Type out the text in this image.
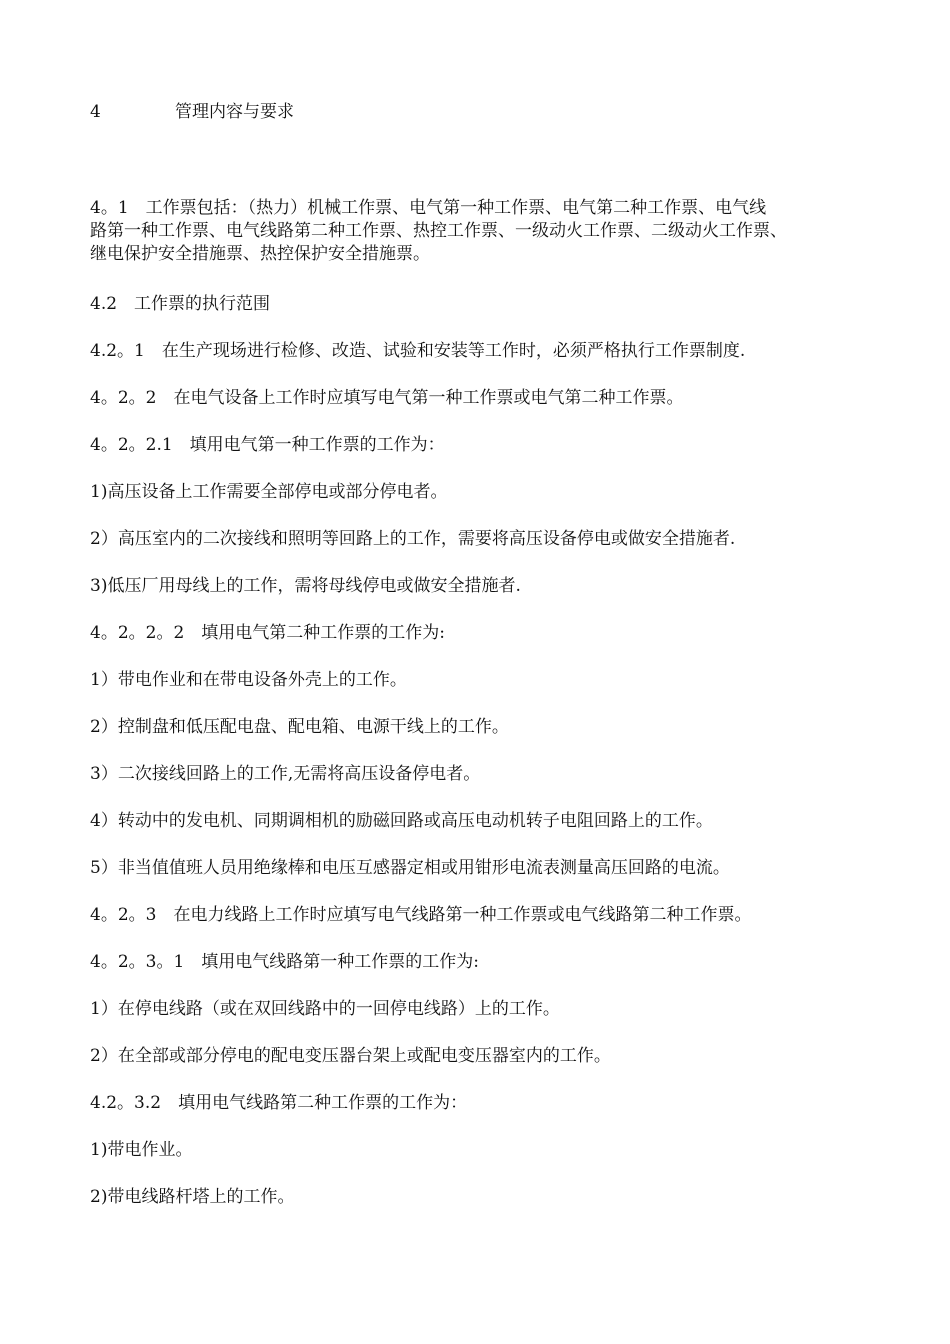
4	管理内容与要求
4。1　工作票包括：（热力）机械工作票、电气第一种工作票、电气第二种工作票、电气线
路第一种工作票、电气线路第二种工作票、热控工作票、一级动火工作票、二级动火工作票、
继电保护安全措施票、热控保护安全措施票。
4.2　工作票的执行范围
4.2。1　在生产现场进行检修、改造、试验和安装等工作时，必须严格执行工作票制度.
4。2。2　在电气设备上工作时应填写电气第一种工作票或电气第二种工作票。
4。2。2.1　填用电气第一种工作票的工作为：
1)高压设备上工作需要全部停电或部分停电者。
2）高压室内的二次接线和照明等回路上的工作，需要将高压设备停电或做安全措施者.
3)低压厂用母线上的工作，需将母线停电或做安全措施者.
4。2。2。2　填用电气第二种工作票的工作为:
1）带电作业和在带电设备外壳上的工作。
2）控制盘和低压配电盘、配电箱、电源干线上的工作。
3）二次接线回路上的工作,无需将高压设备停电者。
4）转动中的发电机、同期调相机的励磁回路或高压电动机转子电阻回路上的工作。
5）非当值值班人员用绝缘棒和电压互感器定相或用钳形电流表测量高压回路的电流。
4。2。3　在电力线路上工作时应填写电气线路第一种工作票或电气线路第二种工作票。
4。2。3。1　填用电气线路第一种工作票的工作为:
1）在停电线路（或在双回线路中的一回停电线路）上的工作。
2）在全部或部分停电的配电变压器台架上或配电变压器室内的工作。
4.2。3.2　填用电气线路第二种工作票的工作为：
1)带电作业。
2)带电线路杆塔上的工作。
